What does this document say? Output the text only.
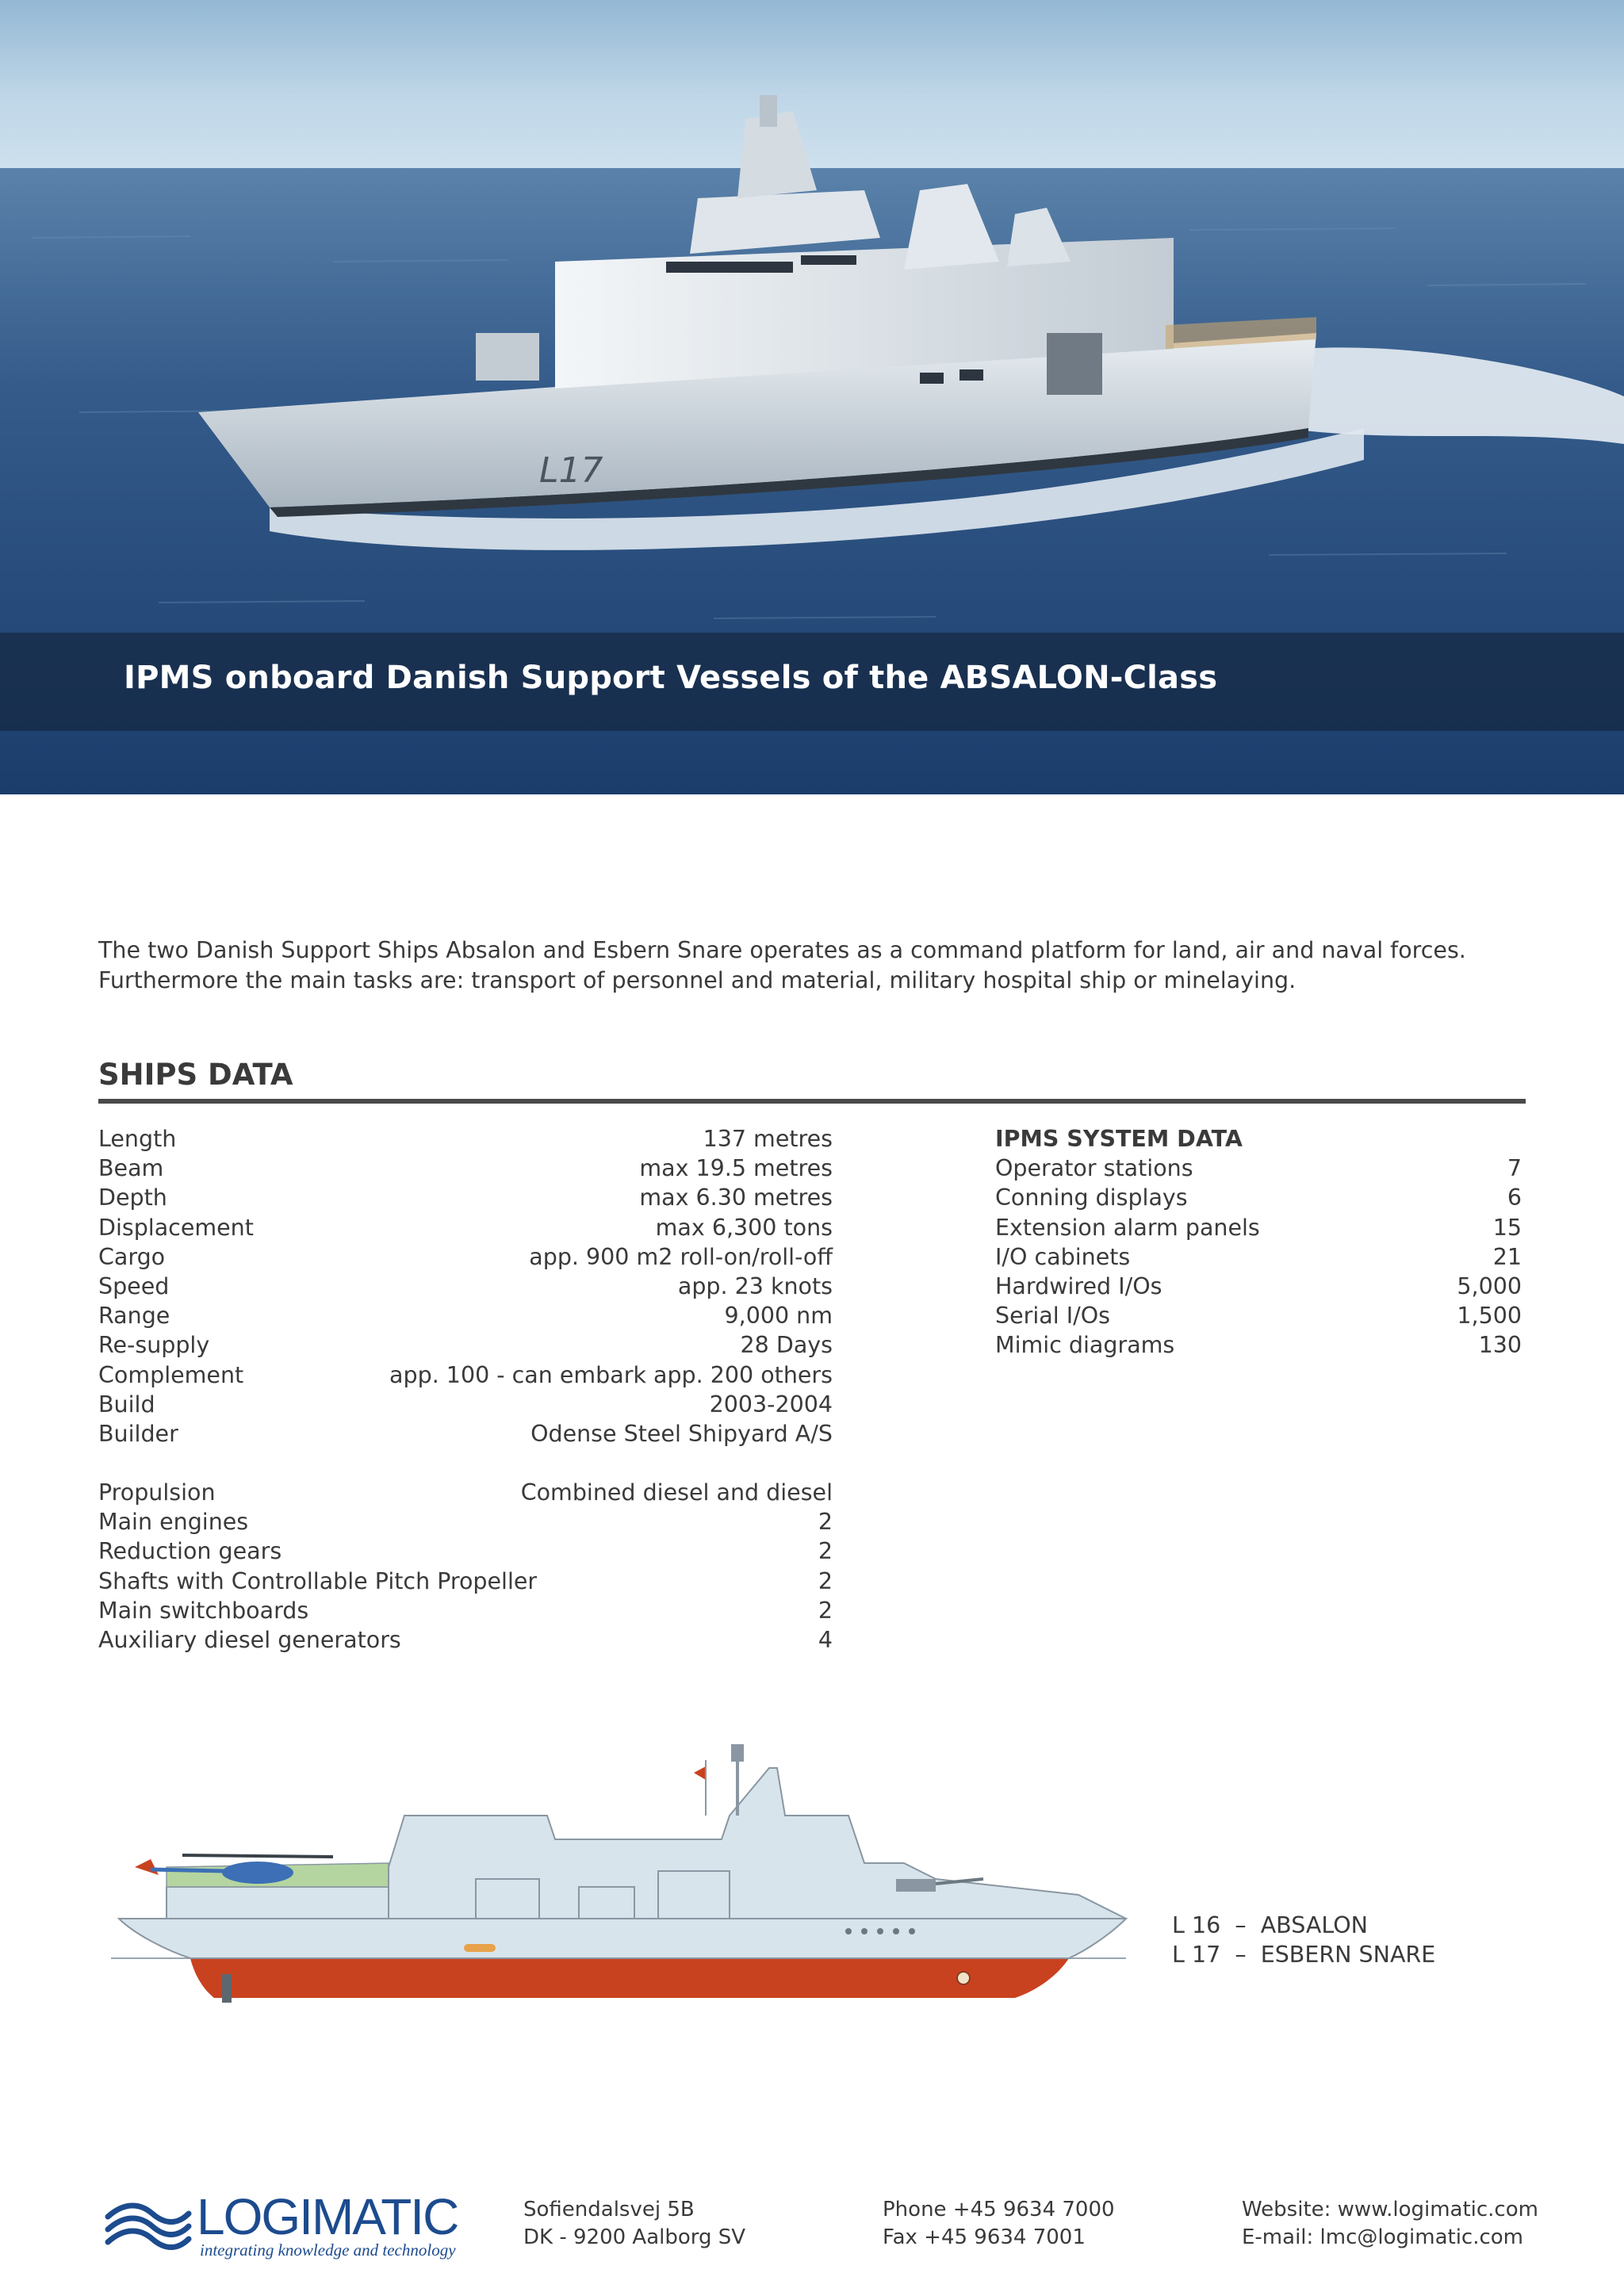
L17
IPMS onboard Danish Support Vessels of the ABSALON-Class
The two Danish Support Ships Absalon and Esbern Snare operates as a command platform for land, air and naval forces.
Furthermore the main tasks are: transport of personnel and material, military hospital ship or minelaying.
SHIPS DATA
Length	137 metres
Beam	max 19.5 metres
Depth	max 6.30 metres
Displacement	max 6,300 tons
Cargo	app. 900 m2 roll-on/roll-off
Speed	app. 23 knots
Range	9,000 nm
Re-supply	28 Days
Complement	app. 100 - can embark app. 200 others
Build	2003-2004
Builder	Odense Steel Shipyard A/S
Propulsion	Combined diesel and diesel
Main engines	2
Reduction gears	2
Shafts with Controllable Pitch Propeller	2
Main switchboards	2
Auxiliary diesel generators	4
IPMS SYSTEM DATA
Operator stations	7
Conning displays	6
Extension alarm panels	15
I/O cabinets	21
Hardwired I/Os	5,000
Serial I/Os	1,500
Mimic diagrams	130
L 16  –  ABSALON
L 17  –  ESBERN SNARE
LOGIMATIC
integrating knowledge and technology
Sofiendalsvej 5B
DK - 9200 Aalborg SV
Phone +45 9634 7000
Fax +45 9634 7001
Website: www.logimatic.com
E-mail: lmc@logimatic.com
